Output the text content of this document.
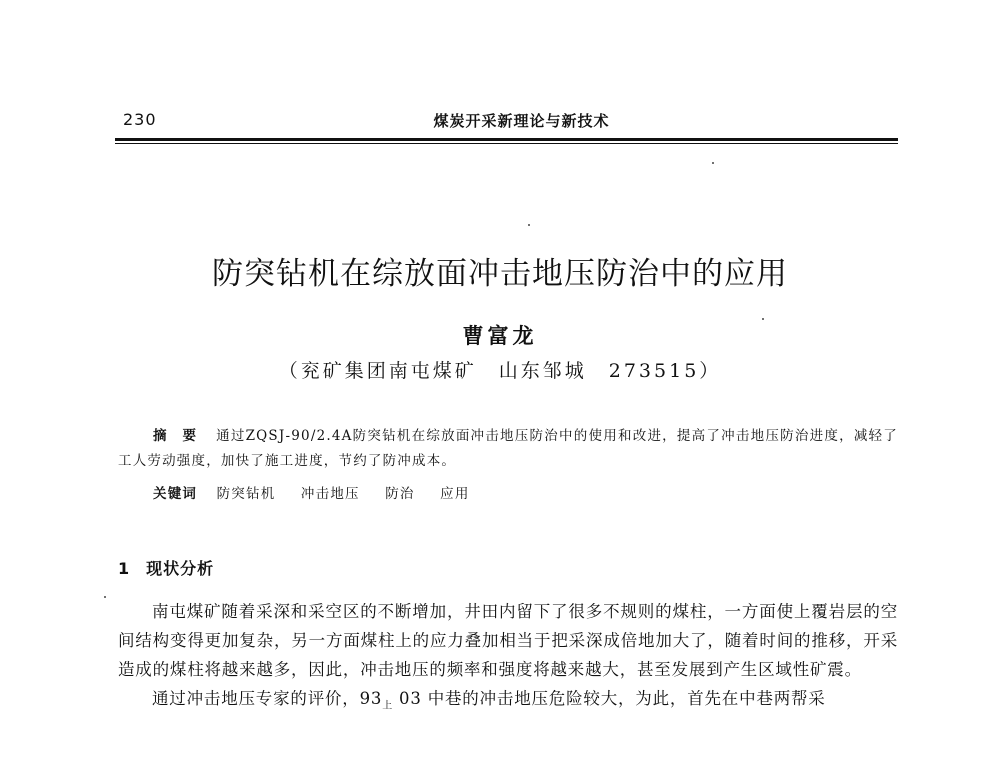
230	煤炭开采新理论与新技术
防突钻机在综放面冲击地压防治中的应用
曹富龙
（兖矿集团南屯煤矿 山东邹城 273515）
摘要 通过ZQSJ-90/2.4A防突钻机在综放面冲击地压防治中的使用和改进，提高了冲击地压防治进度，减轻了工人劳动强度，加快了施工进度，节约了防冲成本。
关键词 防突钻机 冲击地压 防治 应用
1 现状分析

南屯煤矿随着采深和采空区的不断增加，井田内留下了很多不规则的煤柱，一方面使上覆岩层的空间结构变得更加复杂，另一方面煤柱上的应力叠加相当于把采深成倍地加大了，随着时间的推移，开采造成的煤柱将越来越多，因此，冲击地压的频率和强度将越来越大，甚至发展到产生区域性矿震。

通过冲击地压专家的评价，$93_上$ 03 中巷的冲击地压危险较大，为此，首先在中巷两帮采
